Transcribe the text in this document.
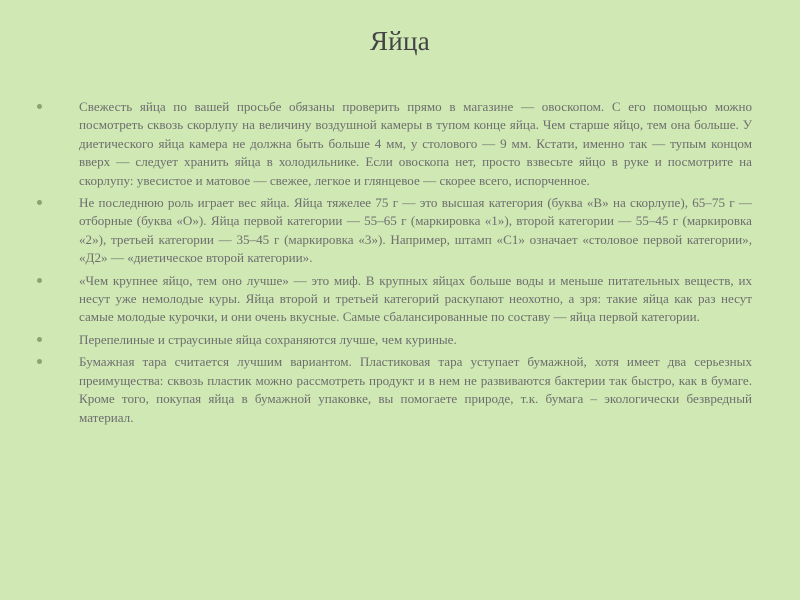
Яйца
Свежесть яйца по вашей просьбе обязаны проверить прямо в магазине — овоскопом. С его помощью можно посмотреть сквозь скорлупу на величину воздушной камеры в тупом конце яйца. Чем старше яйцо, тем она больше. У диетического яйца камера не должна быть больше 4 мм, у столового — 9 мм. Кстати, именно так — тупым концом вверх — следует хранить яйца в холодильнике. Если овоскопа нет, просто взвесьте яйцо в руке и посмотрите на скорлупу: увесистое и матовое — свежее, легкое и глянцевое — скорее всего, испорченное.
Не последнюю роль играет вес яйца. Яйца тяжелее 75 г — это высшая категория (буква «В» на скорлупе), 65–75 г — отборные (буква «О»). Яйца первой категории — 55–65 г (маркировка «1»), второй категории — 55–45 г (маркировка «2»), третьей категории — 35–45 г (маркировка «3»). Например, штамп «С1» означает «столовое первой категории», «Д2» — «диетическое второй категории».
«Чем крупнее яйцо, тем оно лучше» — это миф. В крупных яйцах больше воды и меньше питательных веществ, их несут уже немолодые куры. Яйца второй и третьей категорий раскупают неохотно, а зря: такие яйца как раз несут самые молодые курочки, и они очень вкусные. Самые сбалансированные по составу — яйца первой категории.
Перепелиные и страусиные яйца сохраняются лучше, чем куриные.
Бумажная тара считается лучшим вариантом. Пластиковая тара уступает бумажной, хотя имеет два серьезных преимущества: сквозь пластик можно рассмотреть продукт и в нем не развиваются бактерии так быстро, как в бумаге. Кроме того, покупая яйца в бумажной упаковке, вы помогаете природе, т.к. бумага – экологически безвредный материал.
